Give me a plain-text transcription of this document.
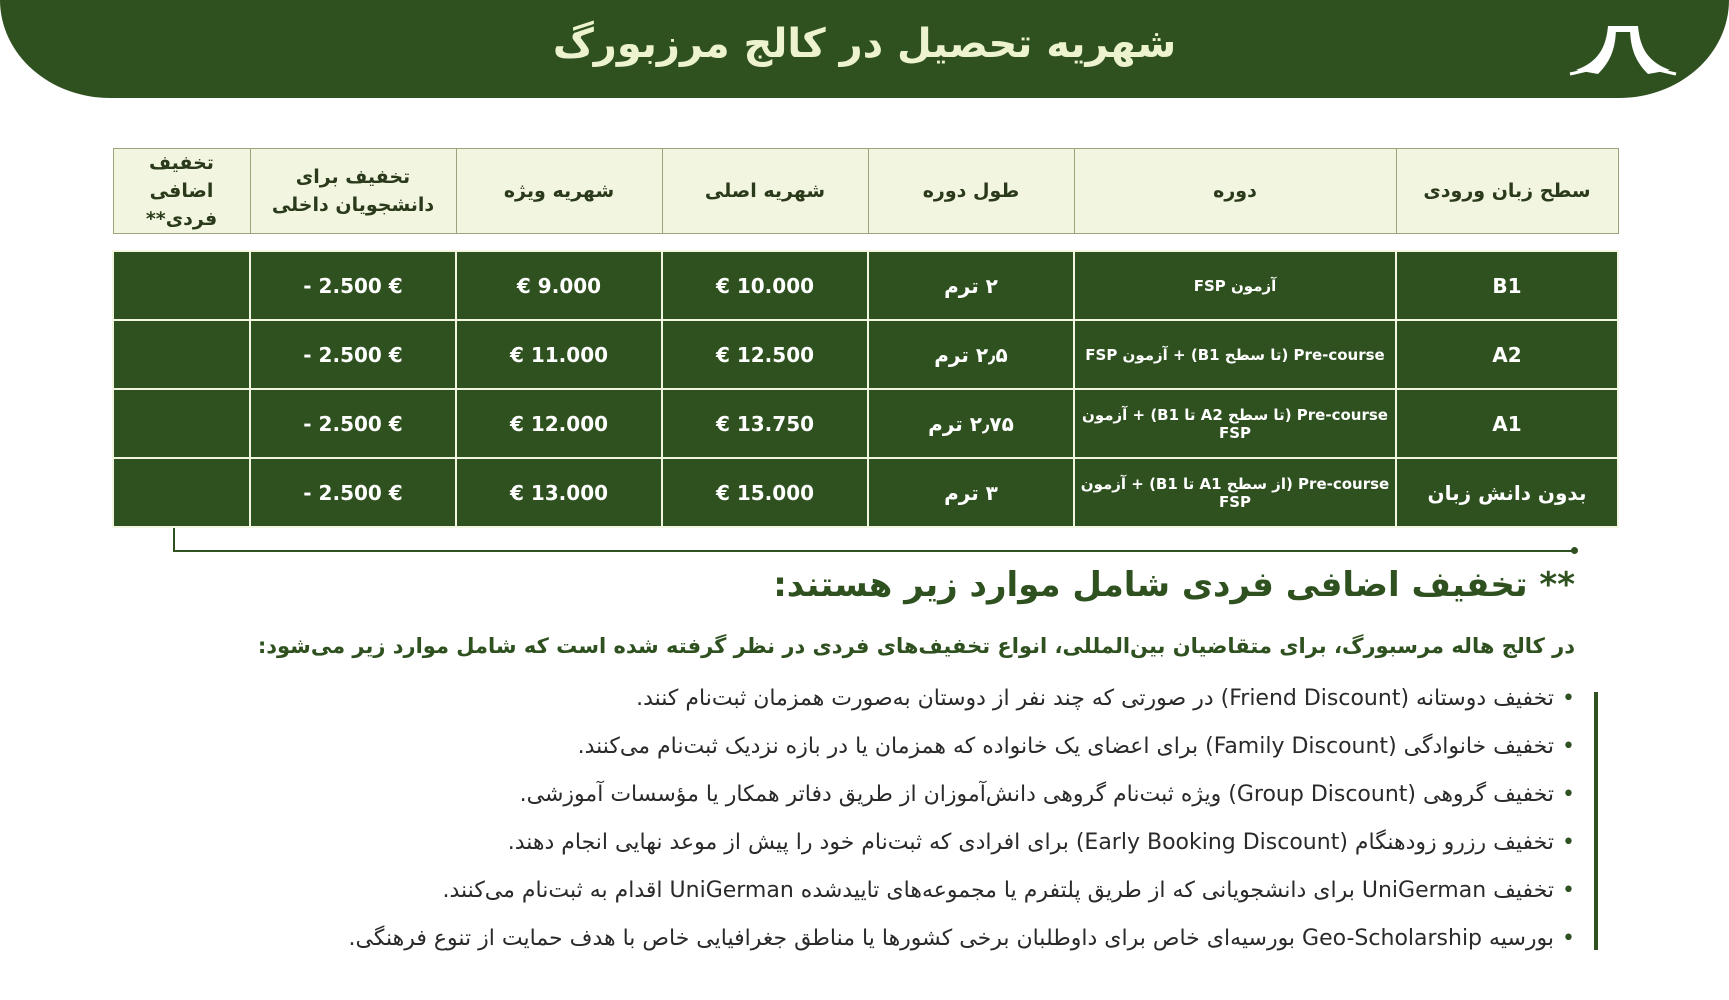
شهریه تحصیل در کالج مرزبورگ
سطح زبان ورودی	دوره	طول دوره	شهریه اصلی	شهریه ویژه	تخفیف برای دانشجویان داخلی	تخفیف اضافی فردی**

B1	آزمون FSP	۲ ترم	€ 10.000	€ 9.000	- 2.500 €	
A2	Pre-course (تا سطح B1) + آزمون FSP	۲٫۵ ترم	€ 12.500	€ 11.000	- 2.500 €	
A1	Pre-course (تا سطح A2 تا B1) + آزمون FSP	۲٫۷۵ ترم	€ 13.750	€ 12.000	- 2.500 €	
بدون دانش زبان	Pre-course (از سطح A1 تا B1) + آزمون FSP	۳ ترم	€ 15.000	€ 13.000	- 2.500 €	
** تخفیف اضافی فردی شامل موارد زیر هستند:
در کالج هاله مرسبورگ، برای متقاضیان بین‌المللی، انواع تخفیف‌های فردی در نظر گرفته شده است که شامل موارد زیر می‌شود:
•تخفیف دوستانه (Friend Discount) در صورتی که چند نفر از دوستان به‌صورت همزمان ثبت‌نام کنند.
•تخفیف خانوادگی (Family Discount) برای اعضای یک خانواده که همزمان یا در بازه نزدیک ثبت‌نام می‌کنند.
•تخفیف گروهی (Group Discount) ویژه ثبت‌نام گروهی دانش‌آموزان از طریق دفاتر همکار یا مؤسسات آموزشی.
•تخفیف رزرو زودهنگام (Early Booking Discount) برای افرادی که ثبت‌نام خود را پیش از موعد نهایی انجام دهند.
•تخفیف UniGerman برای دانشجویانی که از طریق پلتفرم یا مجموعه‌های تاییدشده UniGerman اقدام به ثبت‌نام می‌کنند.
•بورسیه Geo-Scholarship بورسیه‌ای خاص برای داوطلبان برخی کشورها یا مناطق جغرافیایی خاص با هدف حمایت از تنوع فرهنگی.
